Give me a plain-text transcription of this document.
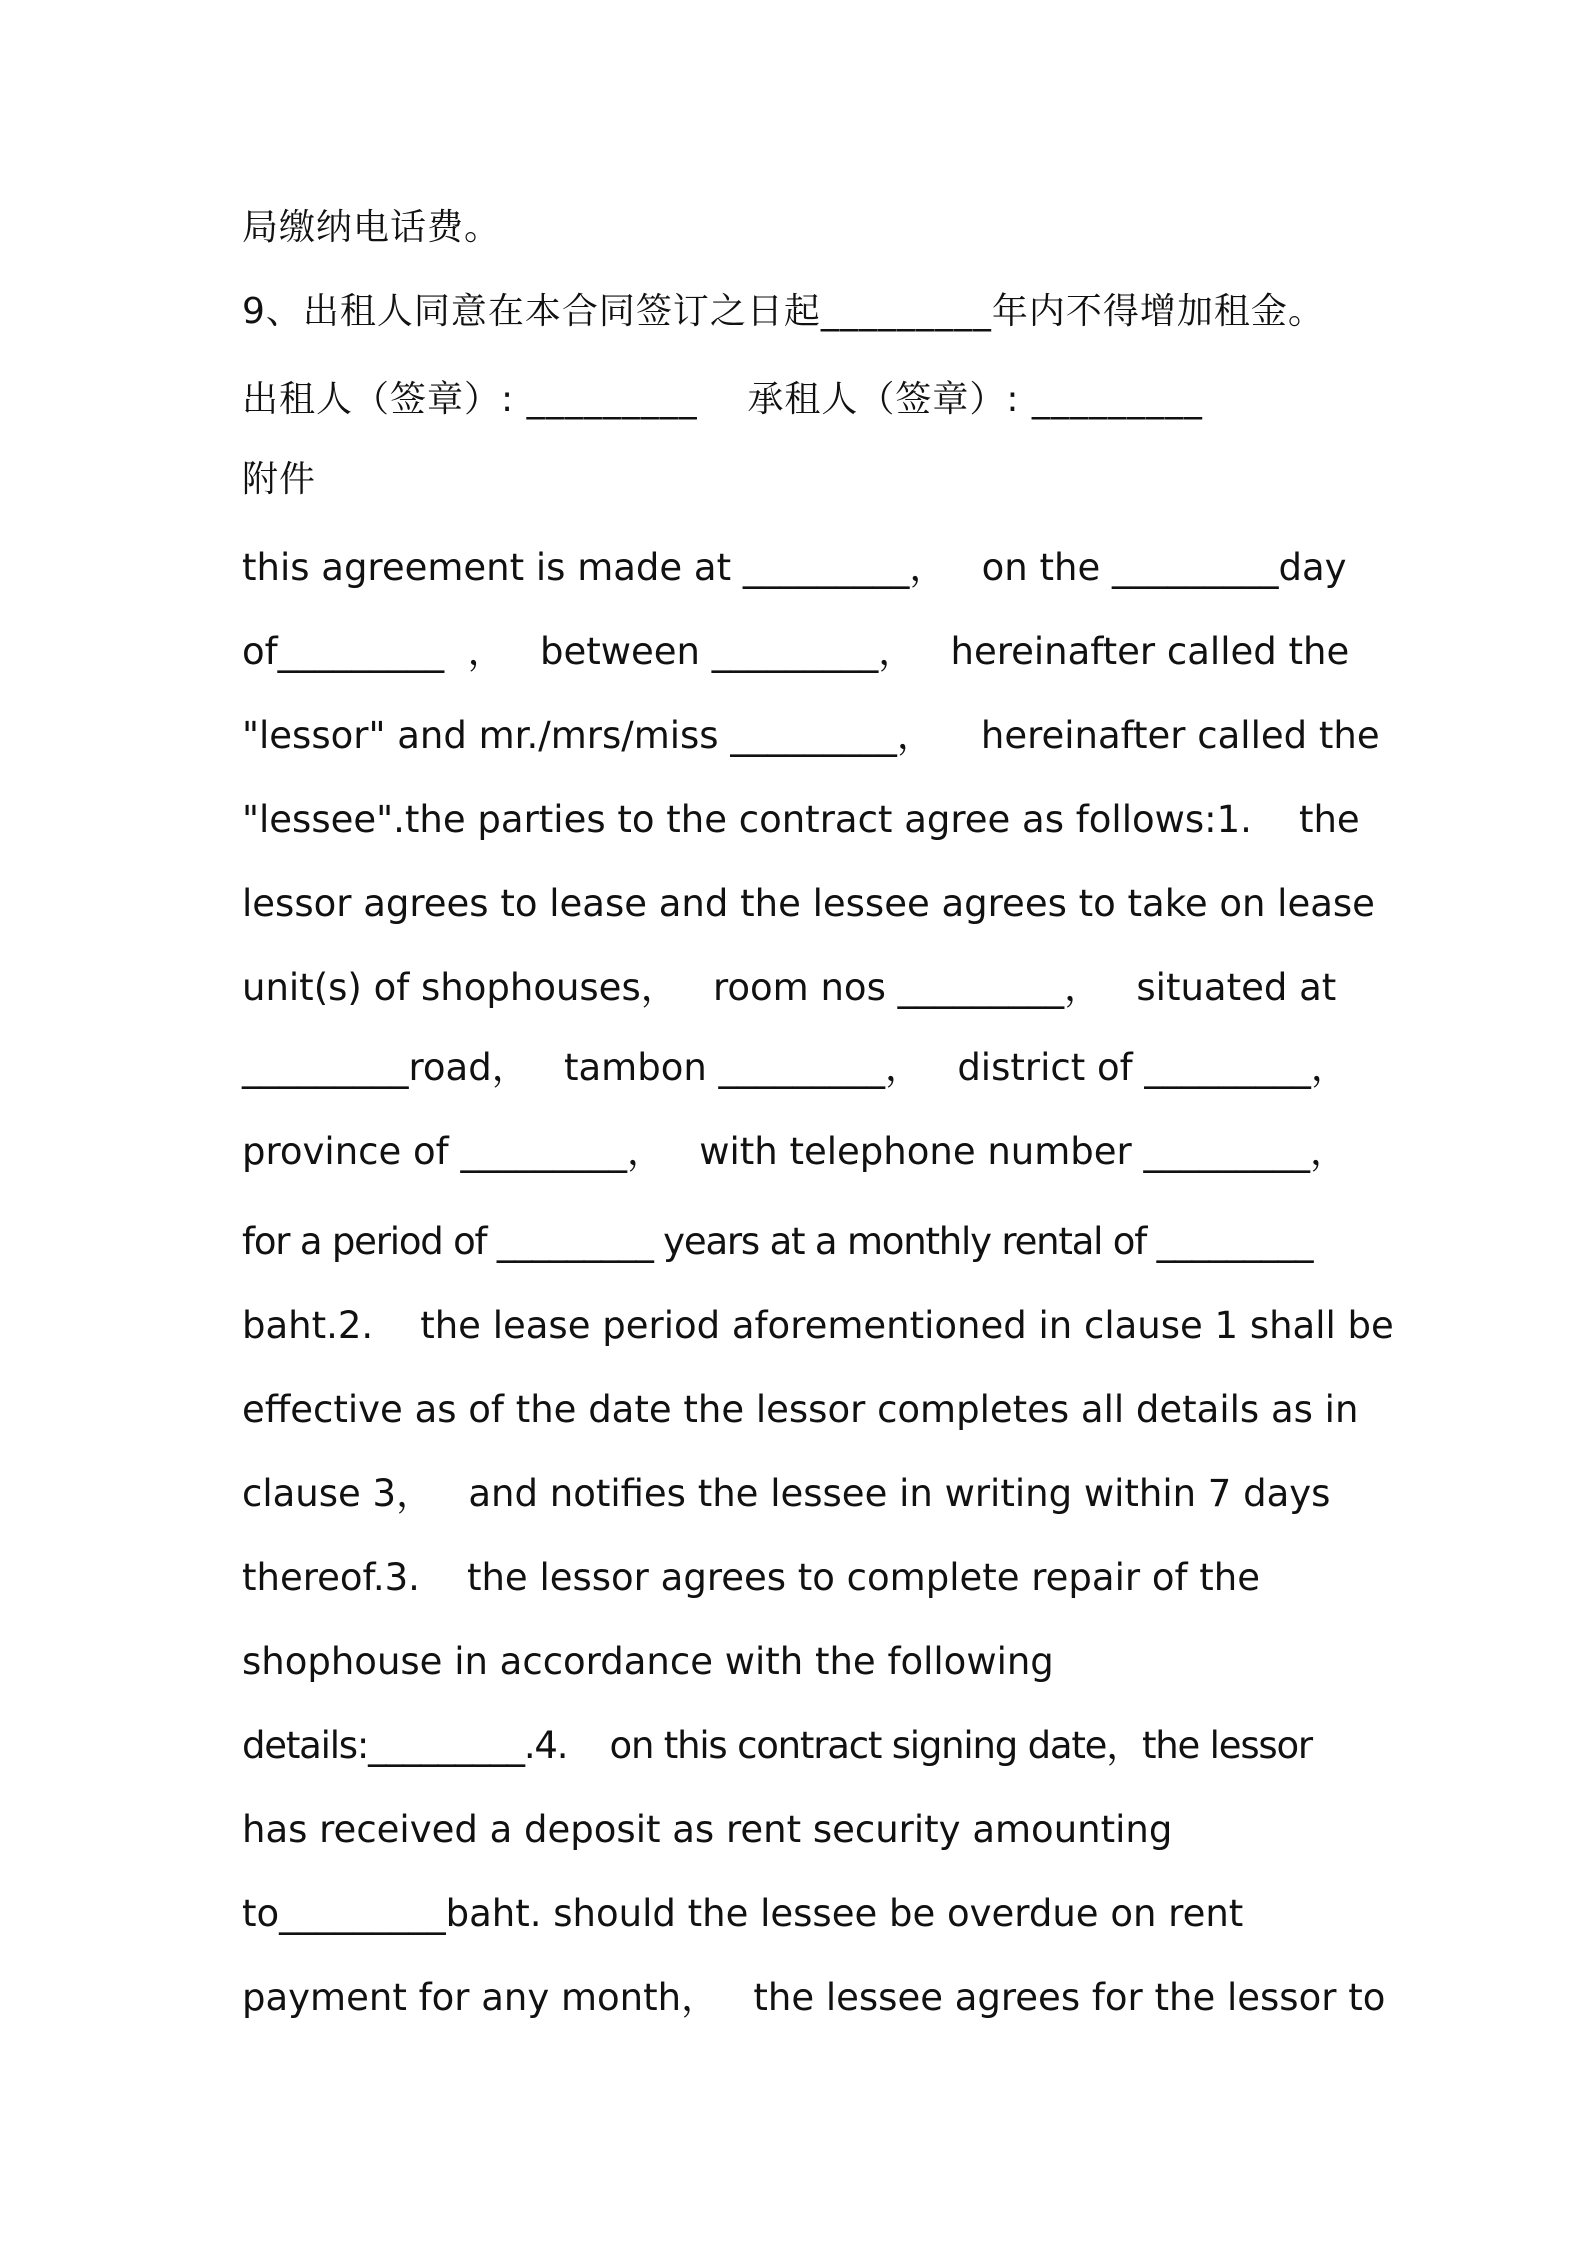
局缴纳电话费。
9、出租人同意在本合同签订之日起_________年内不得增加租金。
出租人（签章）: _________    承租人（签章）: _________
附件
this agreement is made at _________，   on the _________day
of_________  ，   between _________，   hereinafter called the
"lessor" and mr./mrs/miss _________，    hereinafter called the
"lessee".the parties to the contract agree as follows:1.    the
lessor agrees to lease and the lessee agrees to take on lease
unit(s) of shophouses，   room nos _________，   situated at
_________road，   tambon _________，   district of _________，
province of _________，   with telephone number _________，
for a period of _________ years at a monthly rental of _________
baht.2.    the lease period aforementioned in clause 1 shall be
effective as of the date the lessor completes all details as in
clause 3，   and notifies the lessee in writing within 7 days
thereof.3.    the lessor agrees to complete repair of the
shophouse in accordance with the following
details:_________.4.    on this contract signing date，the lessor
has received a deposit as rent security amounting
to_________baht. should the lessee be overdue on rent
payment for any month，   the lessee agrees for the lessor to
